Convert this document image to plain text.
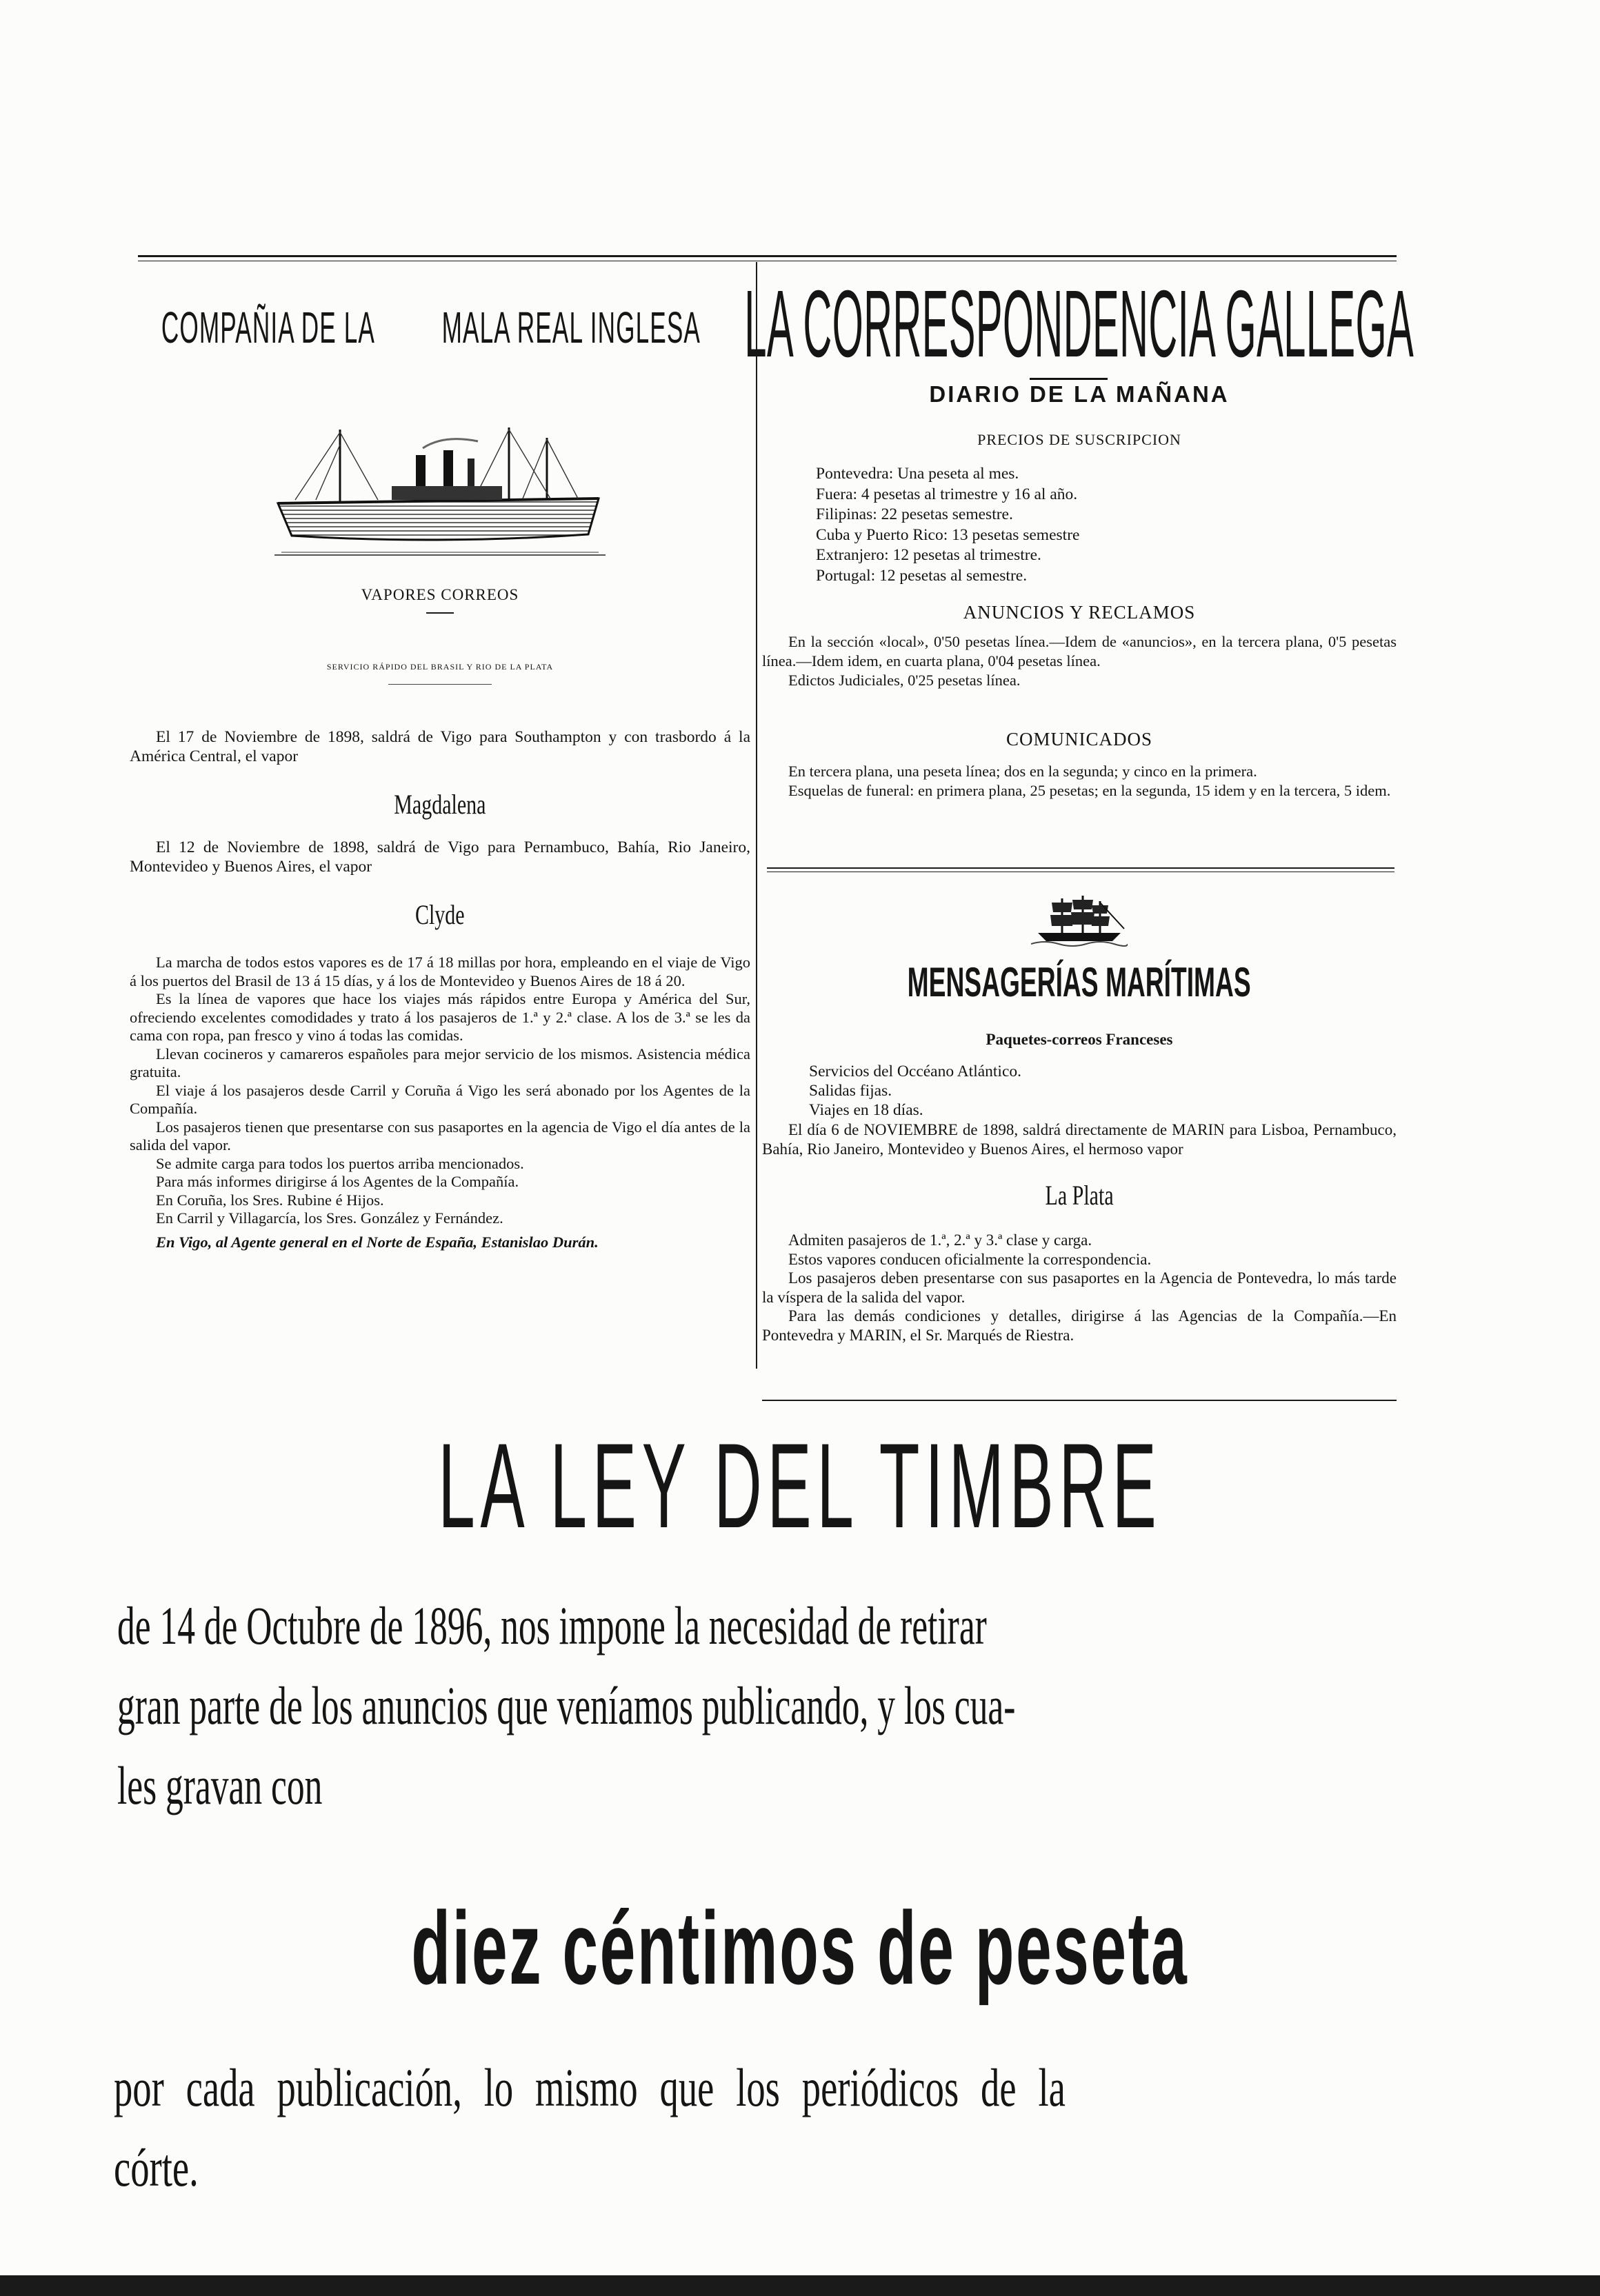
COMPAÑIA DE LA MALA REAL INGLESA
VAPORES CORREOS
SERVICIO RÁPIDO DEL BRASIL Y RIO DE LA PLATA

El 17 de Noviembre de 1898, saldrá de Vigo para Southampton y con trasbordo á la América Central, el vapor

Magdalena

El 12 de Noviembre de 1898, saldrá de Vigo para Pernambuco, Bahía, Rio Janeiro, Montevideo y Buenos Aires, el vapor

Clyde

La marcha de todos estos vapores es de 17 á 18 millas por hora, empleando en el viaje de Vigo á los puertos del Brasil de 13 á 15 días, y á los de Montevideo y Buenos Aires de 18 á 20.

Es la línea de vapores que hace los viajes más rápidos entre Europa y América del Sur, ofreciendo excelentes comodidades y trato á los pasajeros de 1.ª y 2.ª clase. A los de 3.ª se les da cama con ropa, pan fresco y vino á todas las comidas.

Llevan cocineros y camareros españoles para mejor servicio de los mismos. Asistencia médica gratuita.

El viaje á los pasajeros desde Carril y Coruña á Vigo les será abonado por los Agentes de la Compañía.

Los pasajeros tienen que presentarse con sus pasaportes en la agencia de Vigo el día antes de la salida del vapor.

Se admite carga para todos los puertos arriba mencionados.

Para más informes dirigirse á los Agentes de la Compañía.

En Coruña, los Sres. Rubine é Hijos.

En Carril y Villagarcía, los Sres. González y Fernández.

En Vigo, al Agente general en el Norte de España, Estanislao Durán.

LA CORRESPONDENCIA GALLEGA
DIARIO DE LA MAÑANA
PRECIOS DE SUSCRIPCION
Pontevedra: Una peseta al mes.
Fuera: 4 pesetas al trimestre y 16 al año.
Filipinas: 22 pesetas semestre.
Cuba y Puerto Rico: 13 pesetas semestre
Extranjero: 12 pesetas al trimestre.
Portugal: 12 pesetas al semestre.
ANUNCIOS Y RECLAMOS

En la sección «local», 0'50 pesetas línea.—Idem de «anuncios», en la tercera plana, 0'5 pesetas línea.—Idem idem, en cuarta plana, 0'04 pesetas línea.

Edictos Judiciales, 0'25 pesetas línea.

COMUNICADOS

En tercera plana, una peseta línea; dos en la segunda; y cinco en la primera.

Esquelas de funeral: en primera plana, 25 pesetas; en la segunda, 15 idem y en la tercera, 5 idem.

MENSAGERÍAS MARÍTIMAS
Paquetes-correos Franceses
Servicios del Occéano Atlántico.
Salidas fijas.
Viajes en 18 días.

El día 6 de NOVIEMBRE de 1898, saldrá directamente de MARIN para Lisboa, Pernambuco, Bahía, Rio Janeiro, Montevideo y Buenos Aires, el hermoso vapor

La Plata

Admiten pasajeros de 1.ª, 2.ª y 3.ª clase y carga.

Estos vapores conducen oficialmente la correspondencia.

Los pasajeros deben presentarse con sus pasaportes en la Agencia de Pontevedra, lo más tarde la víspera de la salida del vapor.

Para las demás condiciones y detalles, dirigirse á las Agencias de la Compañía.—En Pontevedra y MARIN, el Sr. Marqués de Riestra.

LA LEY DEL TIMBRE
de 14 de Octubre de 1896, nos impone la necesidad de retirar
gran parte de los anuncios que veníamos publicando, y los cua-
les gravan con
diez céntimos de peseta
por cada publicación, lo mismo que los periódicos de la
córte.
